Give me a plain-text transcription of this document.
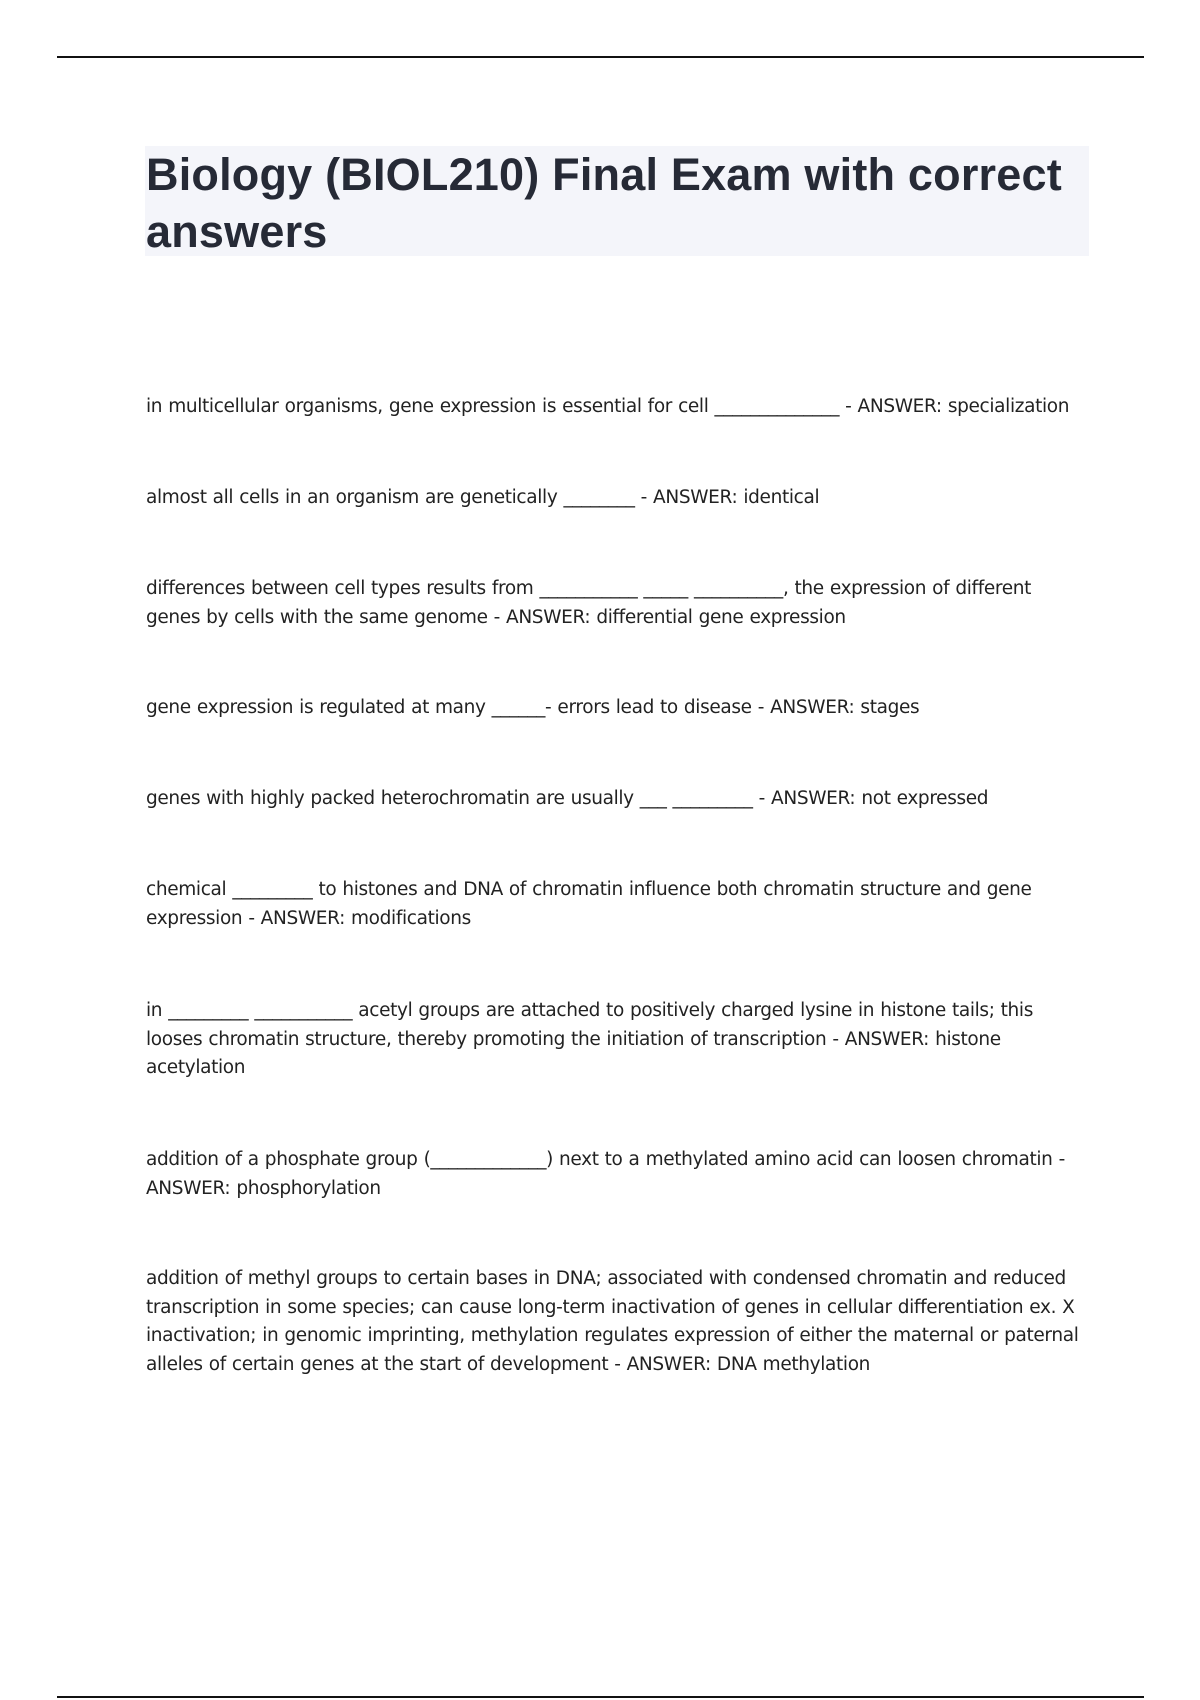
Biology (BIOL210) Final Exam with correct answers

in multicellular organisms, gene expression is essential for cell ______________ - ANSWER: specialization

almost all cells in an organism are genetically ________ - ANSWER: identical

differences between cell types results from ___________ _____ __________, the expression of different genes by cells with the same genome - ANSWER: differential gene expression

gene expression is regulated at many ______- errors lead to disease - ANSWER: stages

genes with highly packed heterochromatin are usually ___ _________ - ANSWER: not expressed

chemical _________ to histones and DNA of chromatin influence both chromatin structure and gene expression - ANSWER: modifications

in _________ ___________ acetyl groups are attached to positively charged lysine in histone tails; this looses chromatin structure, thereby promoting the initiation of transcription - ANSWER: histone acetylation

addition of a phosphate group (_____________) next to a methylated amino acid can loosen chromatin - ANSWER: phosphorylation

addition of methyl groups to certain bases in DNA; associated with condensed chromatin and reduced transcription in some species; can cause long-term inactivation of genes in cellular differentiation ex. X inactivation; in genomic imprinting, methylation regulates expression of either the maternal or paternal alleles of certain genes at the start of development - ANSWER: DNA methylation
